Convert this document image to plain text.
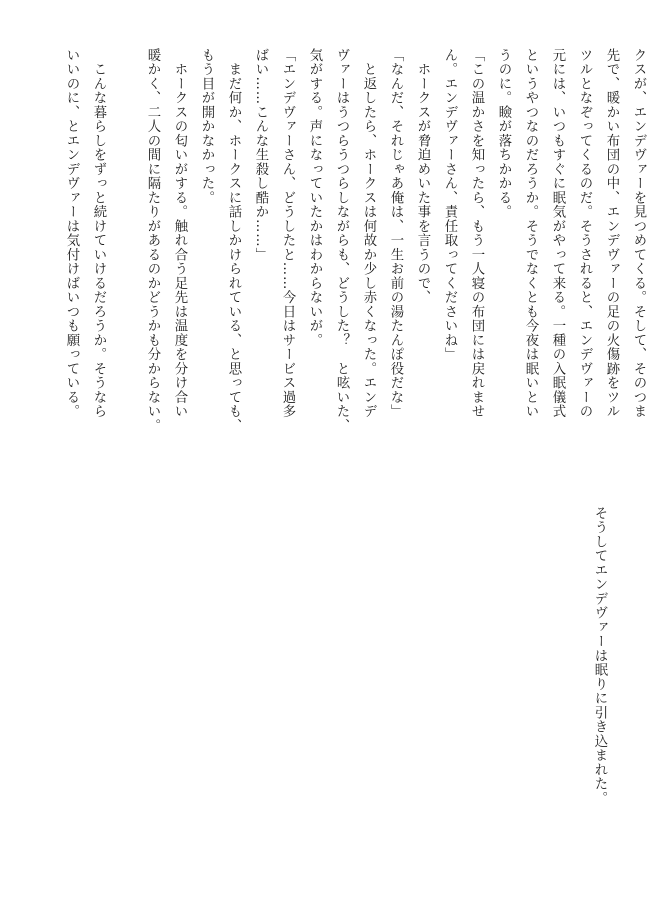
クスが、エンデヴァーを見つめてくる。そして、そのつま
先で、暖かい布団の中、エンデヴァーの足の火傷跡をツル
ツルとなぞってくるのだ。そうされると、エンデヴァーの
元には、いつもすぐに眠気がやって来る。一種の入眠儀式
というやつなのだろうか。そうでなくとも今夜は眠いとい
うのに。瞼が落ちかかる。
「この温かさを知ったら、もう一人寝の布団には戻れませ
ん。エンデヴァーさん、責任取ってくださいね」
　ホークスが脅迫めいた事を言うので、
「なんだ、それじゃあ俺は、一生お前の湯たんぽ役だな」
　と返したら、ホークスは何故か少し赤くなった。エンデ
ヴァーはうつらうつらしながらも、どうした？　と呟いた、
気がする。声になっていたかはわからないが。
「エンデヴァーさん、どうしたと……今日はサービス過多
ばい……こんな生殺し酷か……」
　まだ何か、ホークスに話しかけられている、と思っても、
もう目が開かなかった。
　ホークスの匂いがする。触れ合う足先は温度を分け合い
暖かく、二人の間に隔たりがあるのかどうかも分からない。
　こんな暮らしをずっと続けていけるだろうか。そうなら
いいのに、とエンデヴァーは気付けばいつも願っている。
そうしてエンデヴァーは眠りに引き込まれた。
